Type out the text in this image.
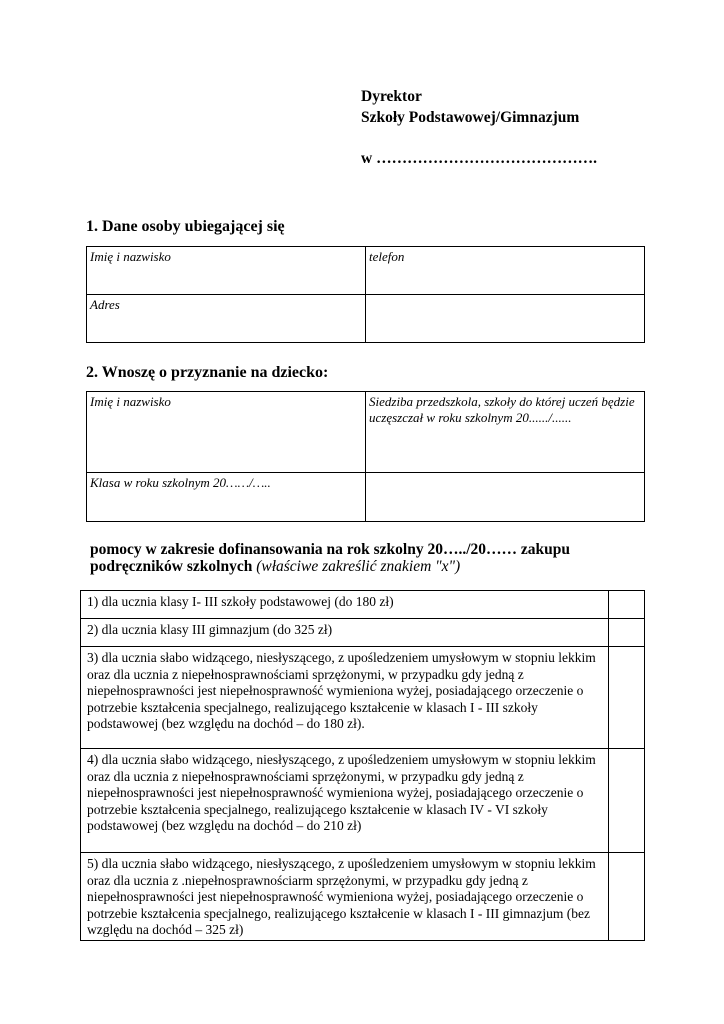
Dyrektor
Szkoły Podstawowej/Gimnazjum
w …………………………………….
1. Dane osoby ubiegającej się
Imię i nazwisko	telefon
Adres	
2. Wnoszę o przyznanie na dziecko:
Imię i nazwisko	Siedziba przedszkola, szkoły do której uczeń będzie uczęszczał w roku szkolnym 20....../......
Klasa w roku szkolnym 20……/…..	
pomocy w zakresie dofinansowania na rok szkolny 20…../20…… zakupu podręczników szkolnych (właściwe zakreślić znakiem "x")
1) dla ucznia klasy I- III szkoły podstawowej (do 180 zł)	
2) dla ucznia klasy III gimnazjum (do 325 zł)	
3) dla ucznia słabo widzącego, niesłyszącego, z upośledzeniem umysłowym w stopniu lekkim oraz dla ucznia z niepełnosprawnościami sprzężonymi, w przypadku gdy jedną z niepełnosprawności jest niepełnosprawność wymieniona wyżej, posiadającego orzeczenie o potrzebie kształcenia specjalnego, realizującego kształcenie w klasach I - III szkoły podstawowej (bez względu na dochód – do 180 zł).	
4) dla ucznia słabo widzącego, niesłyszącego, z upośledzeniem umysłowym w stopniu lekkim oraz dla ucznia z niepełnosprawnościami sprzężonymi, w przypadku gdy jedną z niepełnosprawności jest niepełnosprawność wymieniona wyżej, posiadającego orzeczenie o potrzebie kształcenia specjalnego, realizującego kształcenie w klasach IV - VI szkoły podstawowej (bez względu na dochód – do 210 zł)	
5) dla ucznia słabo widzącego, niesłyszącego, z upośledzeniem umysłowym w stopniu lekkim oraz dla ucznia z .niepełnosprawnościarm sprzężonymi, w przypadku gdy jedną z niepełnosprawności jest niepełnosprawność wymieniona wyżej, posiadającego orzeczenie o potrzebie kształcenia specjalnego, realizującego kształcenie w klasach I - III gimnazjum (bez względu na dochód – 325 zł)	
